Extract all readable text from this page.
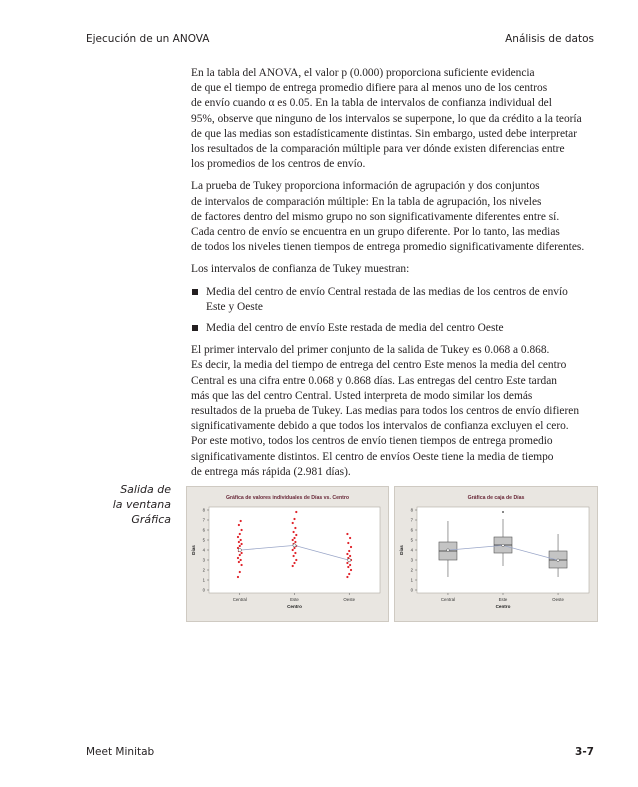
Ejecución de un ANOVA	Análisis de datos

En la tabla del ANOVA, el valor p (0.000) proporciona suficiente evidencia
de que el tiempo de entrega promedio difiere para al menos uno de los centros
de envío cuando α es 0.05. En la tabla de intervalos de confianza individual del
95%, observe que ninguno de los intervalos se superpone, lo que da crédito a la teoría
de que las medias son estadísticamente distintas. Sin embargo, usted debe interpretar
los resultados de la comparación múltiple para ver dónde existen diferencias entre
los promedios de los centros de envío.

La prueba de Tukey proporciona información de agrupación y dos conjuntos
de intervalos de comparación múltiple: En la tabla de agrupación, los niveles
de factores dentro del mismo grupo no son significativamente diferentes entre sí.
Cada centro de envío se encuentra en un grupo diferente. Por lo tanto, las medias
de todos los niveles tienen tiempos de entrega promedio significativamente diferentes.

Los intervalos de confianza de Tukey muestran:

Media del centro de envío Central restada de las medias de los centros de envío
Este y Oeste
Media del centro de envío Este restada de media del centro Oeste

El primer intervalo del primer conjunto de la salida de Tukey es 0.068 a 0.868.
Es decir, la media del tiempo de entrega del centro Este menos la media del centro
Central es una cifra entre 0.068 y 0.868 días. Las entregas del centro Este tardan
más que las del centro Central. Usted interpreta de modo similar los demás
resultados de la prueba de Tukey. Las medias para todos los centros de envío difieren
significativamente debido a que todos los intervalos de confianza excluyen el cero.
Por este motivo, todos los centros de envío tienen tiempos de entrega promedio
significativamente distintos. El centro de envíos Oeste tiene la media de tiempo
de entrega más rápida (2.981 días).

Salida de
la ventana
Gráfica
Gráfica de valores individuales de Días vs. Centro
0
1
2
3
4
5
6
7
8
Central	Este	Oeste
Centro
Días
Gráfica de caja de Días
0
1
2
3
4
5
6
7
8
Central	Este	Oeste
Centro
Días
Meet Minitab	3-7
